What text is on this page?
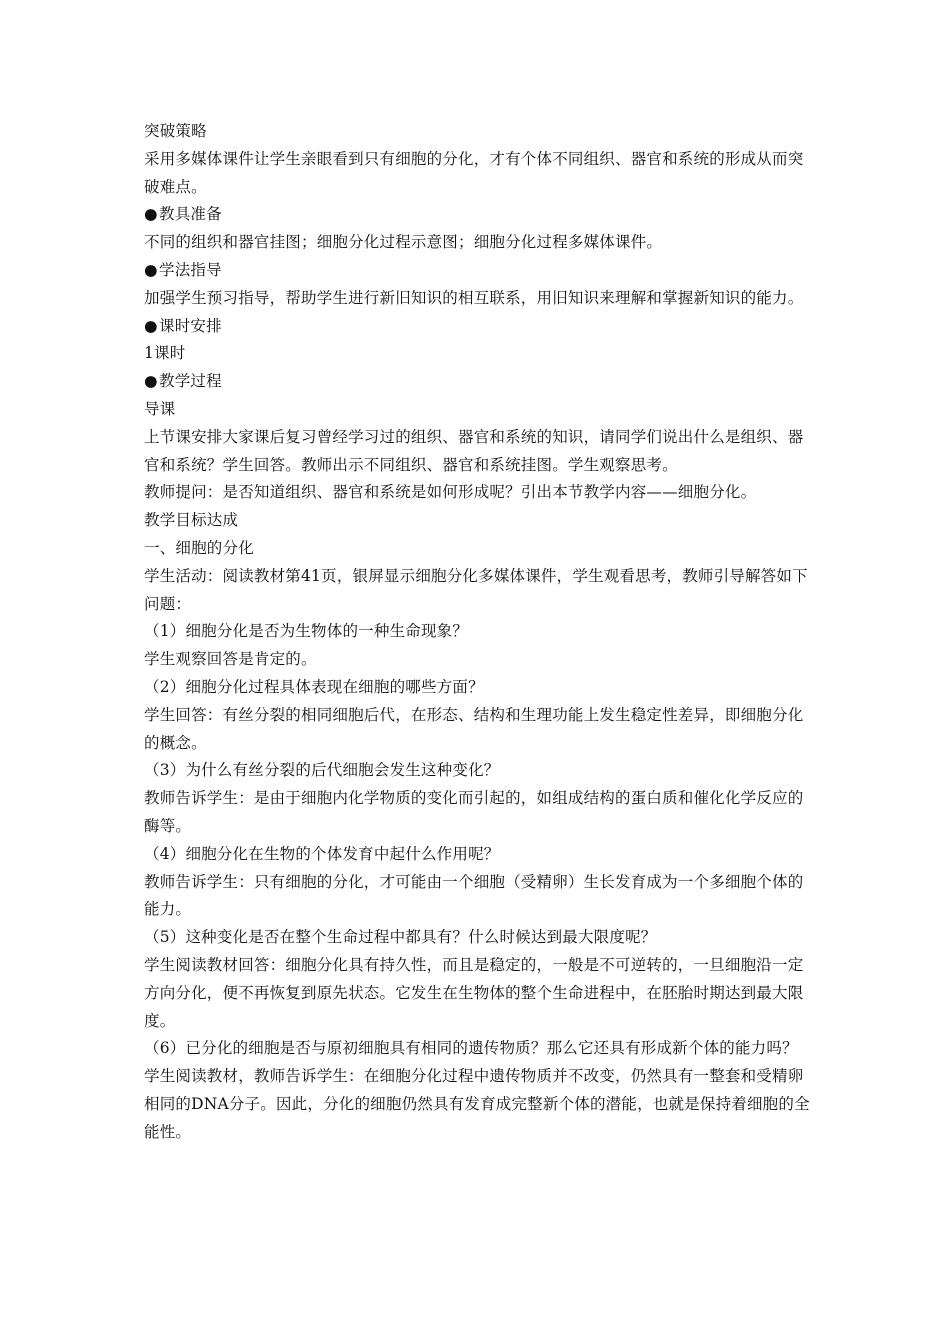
突破策略
采用多媒体课件让学生亲眼看到只有细胞的分化，才有个体不同组织、器官和系统的形成从而突破难点。
●教具准备
不同的组织和器官挂图；细胞分化过程示意图；细胞分化过程多媒体课件。
●学法指导
加强学生预习指导，帮助学生进行新旧知识的相互联系，用旧知识来理解和掌握新知识的能力。
●课时安排
1课时
●教学过程
导课
上节课安排大家课后复习曾经学习过的组织、器官和系统的知识，请同学们说出什么是组织、器官和系统？学生回答。教师出示不同组织、器官和系统挂图。学生观察思考。
教师提问：是否知道组织、器官和系统是如何形成呢？引出本节教学内容——细胞分化。
教学目标达成
一、细胞的分化
学生活动：阅读教材第41页，银屏显示细胞分化多媒体课件，学生观看思考，教师引导解答如下问题：
（1）细胞分化是否为生物体的一种生命现象？
学生观察回答是肯定的。
（2）细胞分化过程具体表现在细胞的哪些方面？
学生回答：有丝分裂的相同细胞后代，在形态、结构和生理功能上发生稳定性差异，即细胞分化的概念。
（3）为什么有丝分裂的后代细胞会发生这种变化？
教师告诉学生：是由于细胞内化学物质的变化而引起的，如组成结构的蛋白质和催化化学反应的酶等。
（4）细胞分化在生物的个体发育中起什么作用呢？
教师告诉学生：只有细胞的分化，才可能由一个细胞（受精卵）生长发育成为一个多细胞个体的能力。
（5）这种变化是否在整个生命过程中都具有？什么时候达到最大限度呢？
学生阅读教材回答：细胞分化具有持久性，而且是稳定的，一般是不可逆转的，一旦细胞沿一定方向分化，便不再恢复到原先状态。它发生在生物体的整个生命进程中，在胚胎时期达到最大限度。
（6）已分化的细胞是否与原初细胞具有相同的遗传物质？那么它还具有形成新个体的能力吗？
学生阅读教材，教师告诉学生：在细胞分化过程中遗传物质并不改变，仍然具有一整套和受精卵相同的DNA分子。因此，分化的细胞仍然具有发育成完整新个体的潜能，也就是保持着细胞的全能性。
